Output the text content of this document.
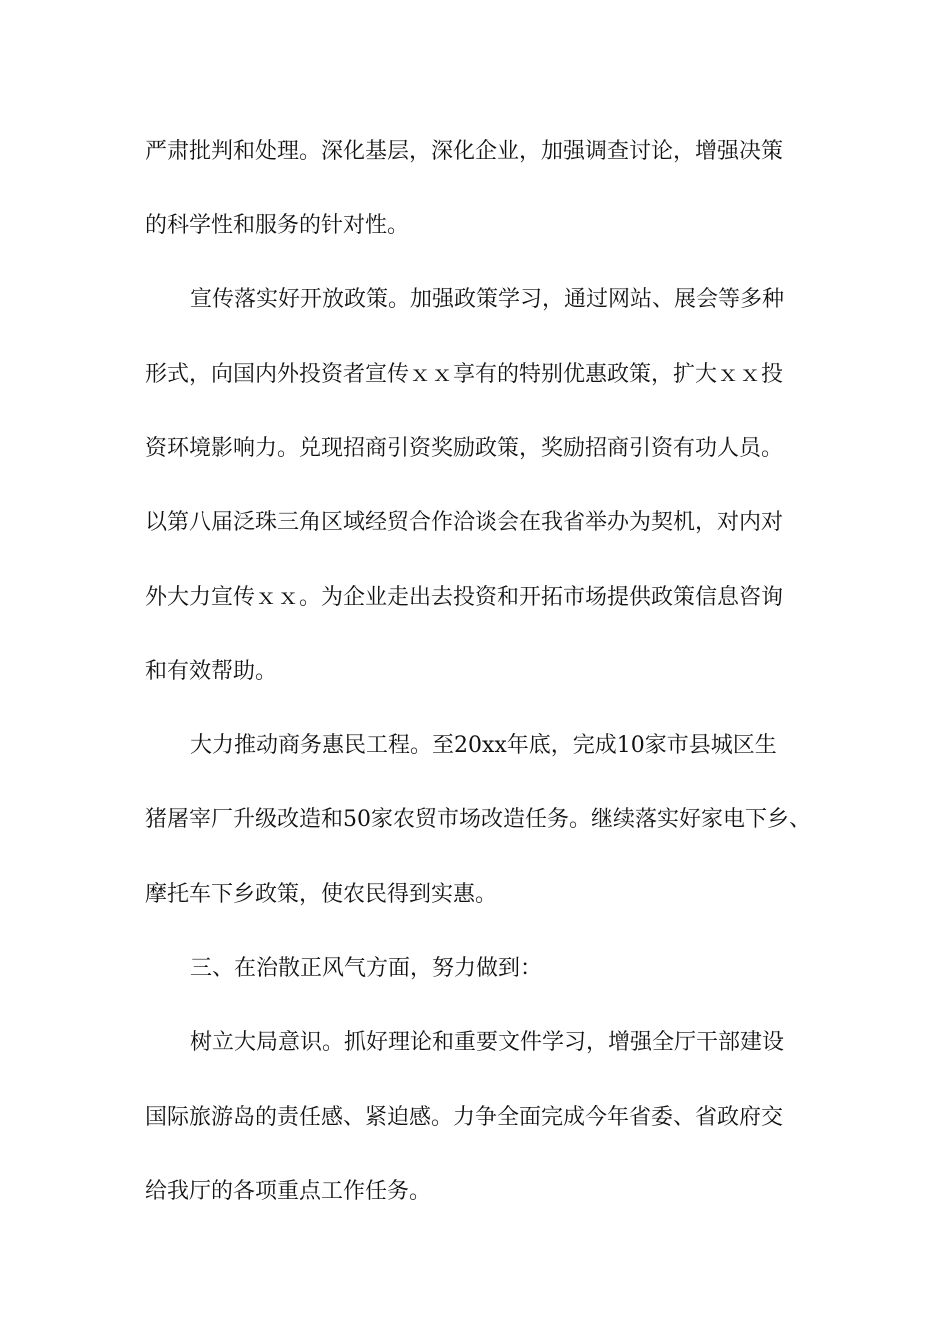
严肃批判和处理。深化基层，深化企业，加强调查讨论，增强决策
的科学性和服务的针对性。
宣传落实好开放政策。加强政策学习，通过网站、展会等多种
形式，向国内外投资者宣传ｘｘ享有的特别优惠政策，扩大ｘｘ投
资环境影响力。兑现招商引资奖励政策，奖励招商引资有功人员。
以第八届泛珠三角区域经贸合作洽谈会在我省举办为契机，对内对
外大力宣传ｘｘ。为企业走出去投资和开拓市场提供政策信息咨询
和有效帮助。
大力推动商务惠民工程。至20xx年底，完成10家市县城区生
猪屠宰厂升级改造和50家农贸市场改造任务。继续落实好家电下乡、
摩托车下乡政策，使农民得到实惠。
三、在治散正风气方面，努力做到：
树立大局意识。抓好理论和重要文件学习，增强全厅干部建设
国际旅游岛的责任感、紧迫感。力争全面完成今年省委、省政府交
给我厅的各项重点工作任务。
